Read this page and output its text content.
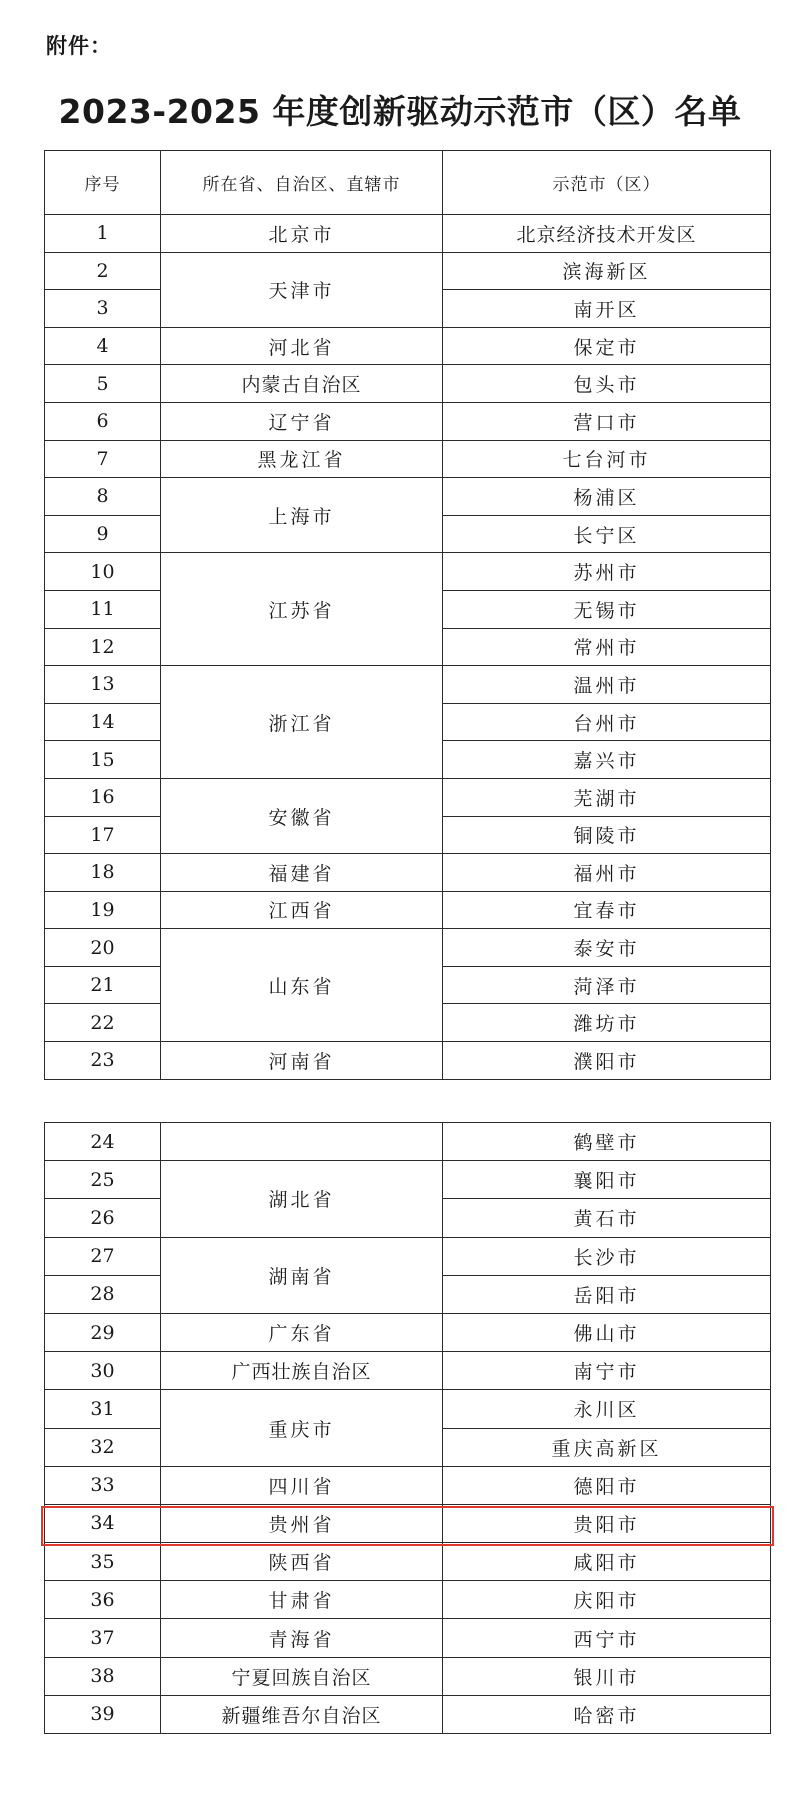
附件：
2023-2025 年度创新驱动示范市（区）名单
序号	所在省、自治区、直辖市	示范市（区）
1	北京市	北京经济技术开发区
2	天津市	滨海新区
3		南开区
4	河北省	保定市
5	内蒙古自治区	包头市
6	辽宁省	营口市
7	黑龙江省	七台河市
8	上海市	杨浦区
9		长宁区
10	江苏省	苏州市
11		无锡市
12		常州市
13	浙江省	温州市
14		台州市
15		嘉兴市
16	安徽省	芜湖市
17		铜陵市
18	福建省	福州市
19	江西省	宜春市
20	山东省	泰安市
21		菏泽市
22		潍坊市
23	河南省	濮阳市
24		鹤壁市
25	湖北省	襄阳市
26		黄石市
27	湖南省	长沙市
28		岳阳市
29	广东省	佛山市
30	广西壮族自治区	南宁市
31	重庆市	永川区
32		重庆高新区
33	四川省	德阳市
34	贵州省	贵阳市
35	陕西省	咸阳市
36	甘肃省	庆阳市
37	青海省	西宁市
38	宁夏回族自治区	银川市
39	新疆维吾尔自治区	哈密市
